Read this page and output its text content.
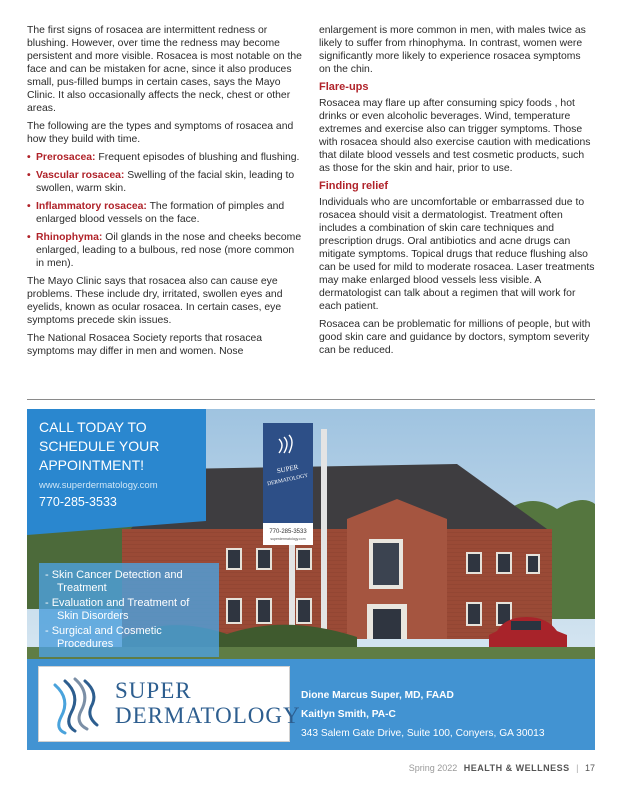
The first signs of rosacea are intermittent redness or blushing. However, over time the redness may become persistent and more visible. Rosacea is most notable on the face and can be mistaken for acne, since it also produces small, pus-filled bumps in certain cases, says the Mayo Clinic. It also occasionally affects the neck, chest or other areas.

The following are the types and symptoms of rosacea and how they build with time.

• Prerosacea: Frequent episodes of blushing and flushing.
• Vascular rosacea: Swelling of the facial skin, leading to swollen, warm skin.
• Inflammatory rosacea: The formation of pimples and enlarged blood vessels on the face.
• Rhinophyma: Oil glands in the nose and cheeks become enlarged, leading to a bulbous, red nose (more common in men).

The Mayo Clinic says that rosacea also can cause eye problems. These include dry, irritated, swollen eyes and eyelids, known as ocular rosacea. In certain cases, eye symptoms precede skin issues.

The National Rosacea Society reports that rosacea symptoms may differ in men and women. Nose

enlargement is more common in men, with males twice as likely to suffer from rhinophyma. In contrast, women were significantly more likely to experience rosacea symptoms on the chin.

Flare-ups

Rosacea may flare up after consuming spicy foods , hot drinks or even alcoholic beverages. Wind, temperature extremes and exercise also can trigger symptoms. Those with rosacea should also exercise caution with medications that dilate blood vessels and test cosmetic products, such as those for the skin and hair, prior to use.

Finding relief

Individuals who are uncomfortable or embarrassed due to rosacea should visit a dermatologist. Treatment often includes a combination of skin care techniques and prescription drugs. Oral antibiotics and acne drugs can mitigate symptoms. Topical drugs that reduce flushing also can be used for mild to moderate rosacea. Laser treatments may make enlarged blood vessels less visible. A dermatologist can talk about a regimen that will work for each patient.

Rosacea can be problematic for millions of people, but with good skin care and guidance by doctors, symptom severity can be reduced.

SUPER
DERMATOLOGY
770-285-3533
superdermatology.com
CALL TODAY TO SCHEDULE YOUR APPOINTMENT!
www.superdermatology.com
770-285-3533
- Skin Cancer Detection and Treatment
- Evaluation and Treatment of Skin Disorders
- Surgical and Cosmetic Procedures
SUPER
DERMATOLOGY
Dione Marcus Super, MD, FAAD
Kaitlyn Smith, PA-C
343 Salem Gate Drive, Suite 100, Conyers, GA 30013
Spring 2022 HEALTH & WELLNESS | 17
